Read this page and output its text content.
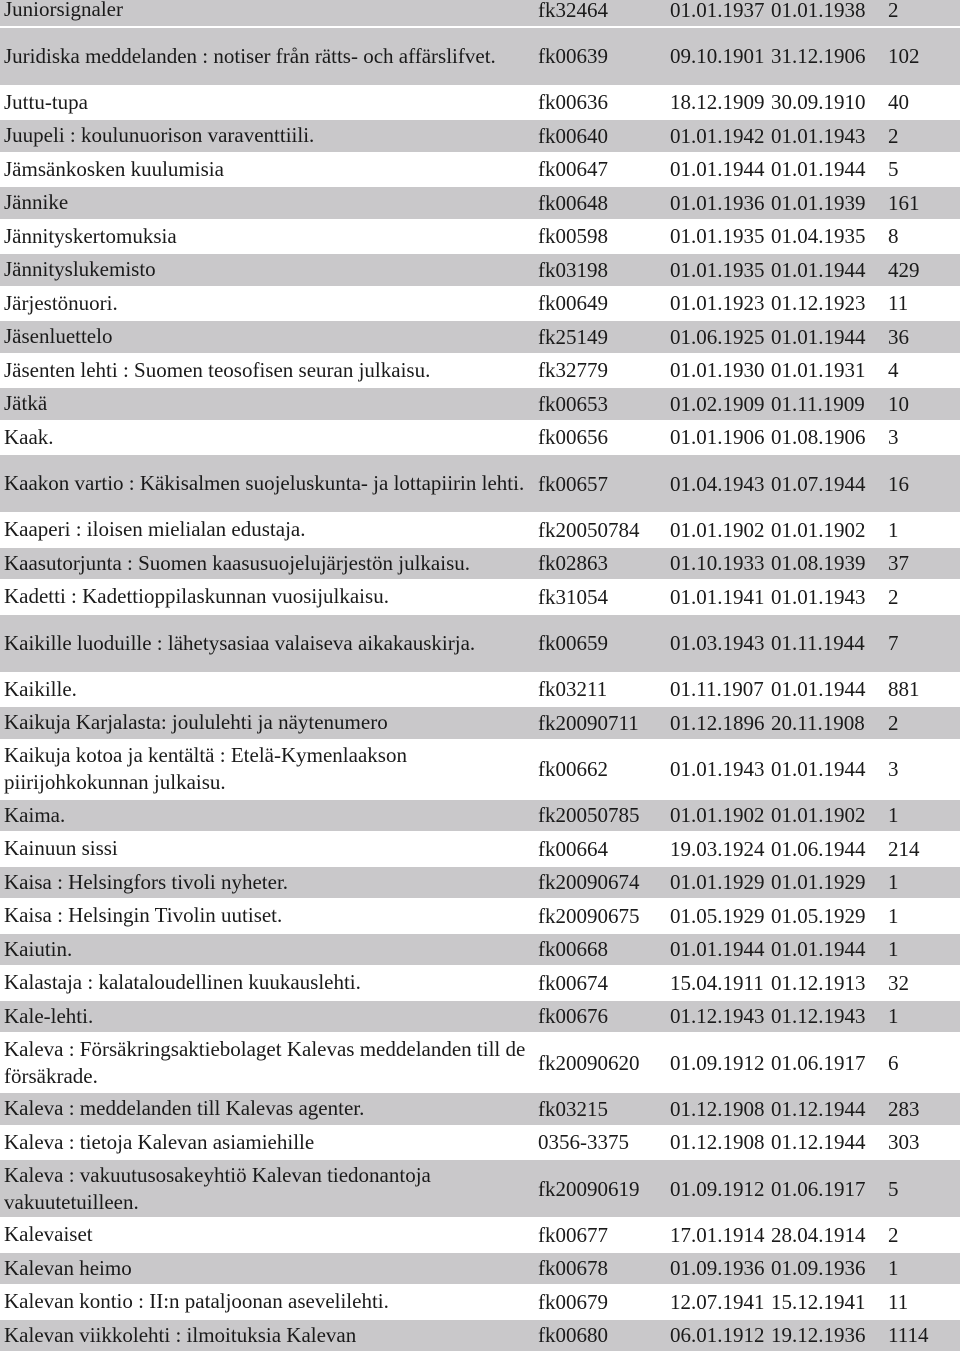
Juniorsignaler	fk32464	01.01.1937	01.01.1938	2
Juridiska meddelanden : notiser från rätts- och affärslifvet.	fk00639	09.10.1901	31.12.1906	102
Juttu-tupa	fk00636	18.12.1909	30.09.1910	40
Juupeli : koulunuorison varaventtiili.	fk00640	01.01.1942	01.01.1943	2
Jämsänkosken kuulumisia	fk00647	01.01.1944	01.01.1944	5
Jännike	fk00648	01.01.1936	01.01.1939	161
Jännityskertomuksia	fk00598	01.01.1935	01.04.1935	8
Jännityslukemisto	fk03198	01.01.1935	01.01.1944	429
Järjestönuori.	fk00649	01.01.1923	01.12.1923	11
Jäsenluettelo	fk25149	01.06.1925	01.01.1944	36
Jäsenten lehti : Suomen teosofisen seuran julkaisu.	fk32779	01.01.1930	01.01.1931	4
Jätkä	fk00653	01.02.1909	01.11.1909	10
Kaak.	fk00656	01.01.1906	01.08.1906	3
Kaakon vartio : Käkisalmen suojeluskunta- ja lottapiirin lehti.	fk00657	01.04.1943	01.07.1944	16
Kaaperi : iloisen mielialan edustaja.	fk20050784	01.01.1902	01.01.1902	1
Kaasutorjunta : Suomen kaasusuojelujärjestön julkaisu.	fk02863	01.10.1933	01.08.1939	37
Kadetti : Kadettioppilaskunnan vuosijulkaisu.	fk31054	01.01.1941	01.01.1943	2
Kaikille luoduille : lähetysasiaa valaiseva aikakauskirja.	fk00659	01.03.1943	01.11.1944	7
Kaikille.	fk03211	01.11.1907	01.01.1944	881
Kaikuja Karjalasta: joululehti ja näytenumero	fk20090711	01.12.1896	20.11.1908	2
Kaikuja kotoa ja kentältä : Etelä-Kymenlaakson piirijohkokunnan julkaisu.	fk00662	01.01.1943	01.01.1944	3
Kaima.	fk20050785	01.01.1902	01.01.1902	1
Kainuun sissi	fk00664	19.03.1924	01.06.1944	214
Kaisa : Helsingfors tivoli nyheter.	fk20090674	01.01.1929	01.01.1929	1
Kaisa : Helsingin Tivolin uutiset.	fk20090675	01.05.1929	01.05.1929	1
Kaiutin.	fk00668	01.01.1944	01.01.1944	1
Kalastaja : kalataloudellinen kuukauslehti.	fk00674	15.04.1911	01.12.1913	32
Kale-lehti.	fk00676	01.12.1943	01.12.1943	1
Kaleva : Försäkringsaktiebolaget Kalevas meddelanden till de försäkrade.	fk20090620	01.09.1912	01.06.1917	6
Kaleva : meddelanden till Kalevas agenter.	fk03215	01.12.1908	01.12.1944	283
Kaleva : tietoja Kalevan asiamiehille	0356-3375	01.12.1908	01.12.1944	303
Kaleva : vakuutusosakeyhtiö Kalevan tiedonantoja vakuutetuilleen.	fk20090619	01.09.1912	01.06.1917	5
Kalevaiset	fk00677	17.01.1914	28.04.1914	2
Kalevan heimo	fk00678	01.09.1936	01.09.1936	1
Kalevan kontio : II:n pataljoonan asevelilehti.	fk00679	12.07.1941	15.12.1941	11
Kalevan viikkolehti : ilmoituksia Kalevan	fk00680	06.01.1912	19.12.1936	1114
